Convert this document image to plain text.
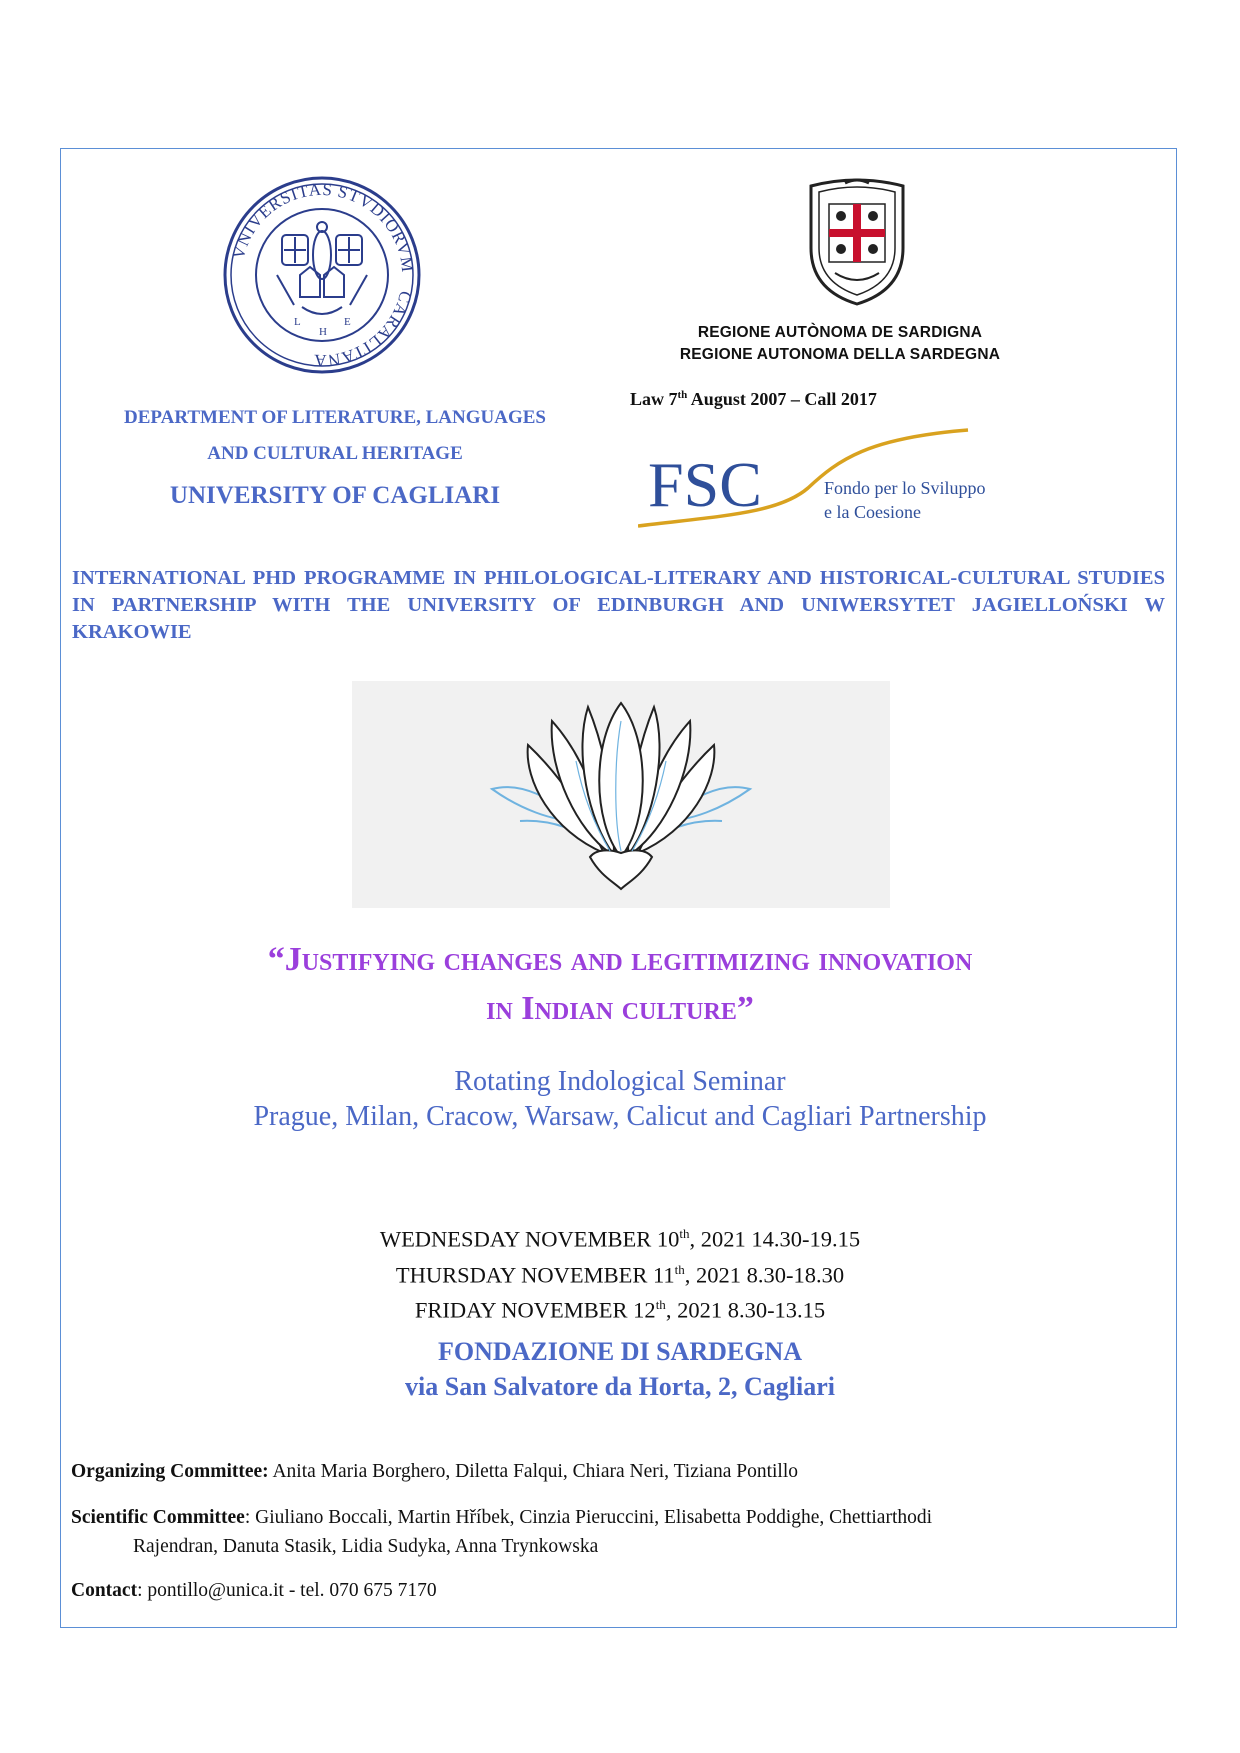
VNIVERSITAS STVDIORVM
CARALITANA
L
H
E
REGIONE AUTÒNOMA DE SARDIGNA
REGIONE AUTONOMA DELLA SARDEGNA
Law 7th August 2007 – Call 2017
DEPARTMENT OF LITERATURE, LANGUAGES
AND CULTURAL HERITAGE
UNIVERSITY OF CAGLIARI	FSC	Fondo per lo Sviluppo
e la Coesione
INTERNATIONAL PHD PROGRAMME IN PHILOLOGICAL-LITERARY AND HISTORICAL-CULTURAL STUDIES IN PARTNERSHIP WITH THE UNIVERSITY OF EDINBURGH AND UNIWERSYTET JAGIELLOŃSKI W KRAKOWIE
“Justifying changes and legitimizing innovation
in Indian culture”
Rotating Indological Seminar
Prague, Milan, Cracow, Warsaw, Calicut and Cagliari Partnership
WEDNESDAY NOVEMBER 10th, 2021 14.30-19.15
THURSDAY NOVEMBER 11th, 2021 8.30-18.30
FRIDAY NOVEMBER 12th, 2021 8.30-13.15
FONDAZIONE DI SARDEGNA
via San Salvatore da Horta, 2, Cagliari
Organizing Committee: Anita Maria Borghero, Diletta Falqui, Chiara Neri, Tiziana Pontillo
Scientific Committee: Giuliano Boccali, Martin Hříbek, Cinzia Pieruccini, Elisabetta Poddighe, Chettiarthodi
Rajendran, Danuta Stasik, Lidia Sudyka, Anna Trynkowska
Contact: pontillo@unica.it - tel. 070 675 7170
